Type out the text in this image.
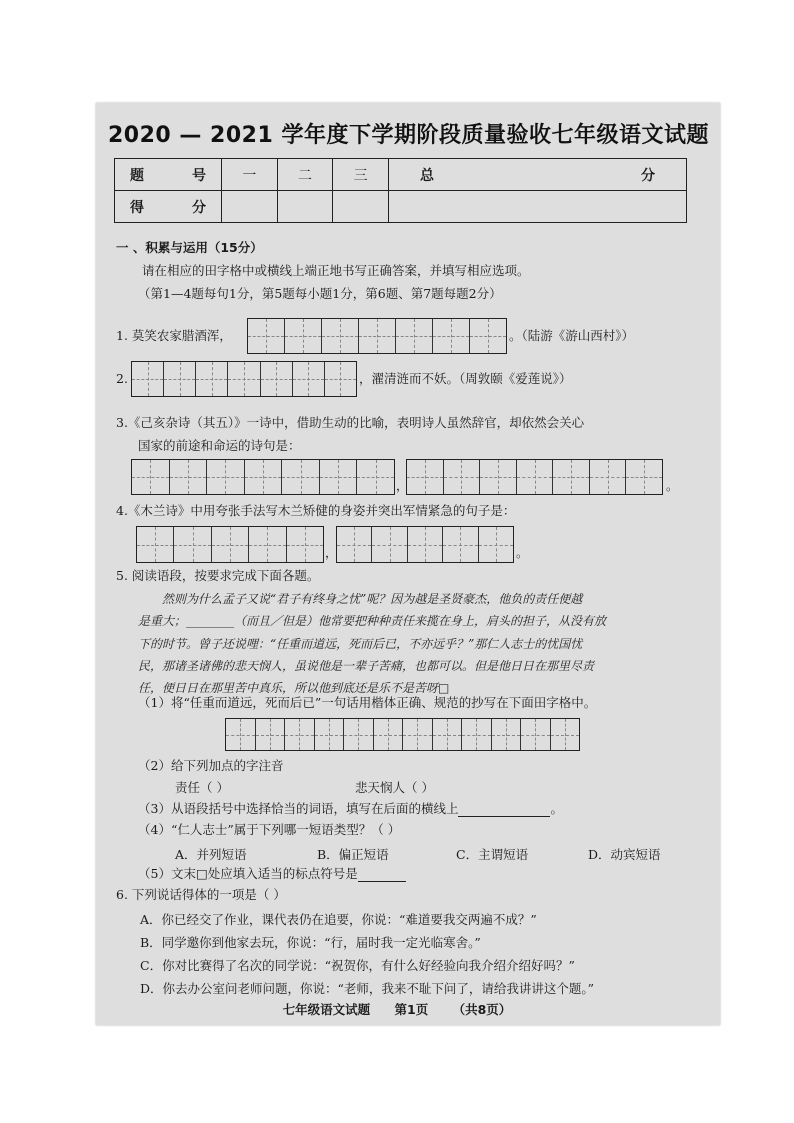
2020 — 2021 学年度下学期阶段质量验收七年级语文试题
题 号	一	二	三	总 分

得 分				

一 、积累与运用（15分）
请在相应的田字格中或横线上端正地书写正确答案，并填写相应选项。
（第1—4题每句1分，第5题每小题1分，第6题、第7题每题2分）
1. 莫笑农家腊酒浑，	。（陆游《游山西村》）
2.	，濯清涟而不妖。（周敦颐《爱莲说》）
3.《己亥杂诗（其五）》一诗中，借助生动的比喻，表明诗人虽然辞官，却依然会关心
国家的前途和命运的诗句是：
，	。
4.《木兰诗》中用夸张手法写木兰矫健的身姿并突出军情紧急的句子是：
，	。
5. 阅读语段，按要求完成下面各题。
然则为什么孟子又说“君子有终身之忧”呢？因为越是圣贤豪杰，他负的责任便越
是重大；________（而且／但是）他常要把种种责任来揽在身上，肩头的担子，从没有放
下的时节。曾子还说哩：“任重而道远，死而后已，不亦远乎？”那仁人志士的忧国忧
民，那诸圣诸佛的悲天悯人，虽说他是一辈子苦痛，也都可以。但是他日日在那里尽责
任，便日日在那里苦中真乐，所以他到底还是乐不是苦呀□
（1）将“任重而道远，死而后已”一句话用楷体正确、规范的抄写在下面田字格中。
（2）给下列加点的字注音
责任（ ）	悲天悯人（ ）
（3）从语段括号中选择恰当的词语，填写在后面的横线上	。
（4）“仁人志士”属于下列哪一短语类型？（ ）
A．并列短语	B．偏正短语	C．主谓短语	D．动宾短语
（5）文末□处应填入适当的标点符号是
6. 下列说话得体的一项是（ ）
A．你已经交了作业，课代表仍在追要，你说：“难道要我交两遍不成？”
B．同学邀你到他家去玩，你说：“行，届时我一定光临寒舍。”
C．你对比赛得了名次的同学说：“祝贺你，有什么好经验向我介绍介绍好吗？”
D．你去办公室问老师问题，你说：“老师，我来不耻下问了，请给我讲讲这个题。”
七年级语文试题 第1页 （共8页）
